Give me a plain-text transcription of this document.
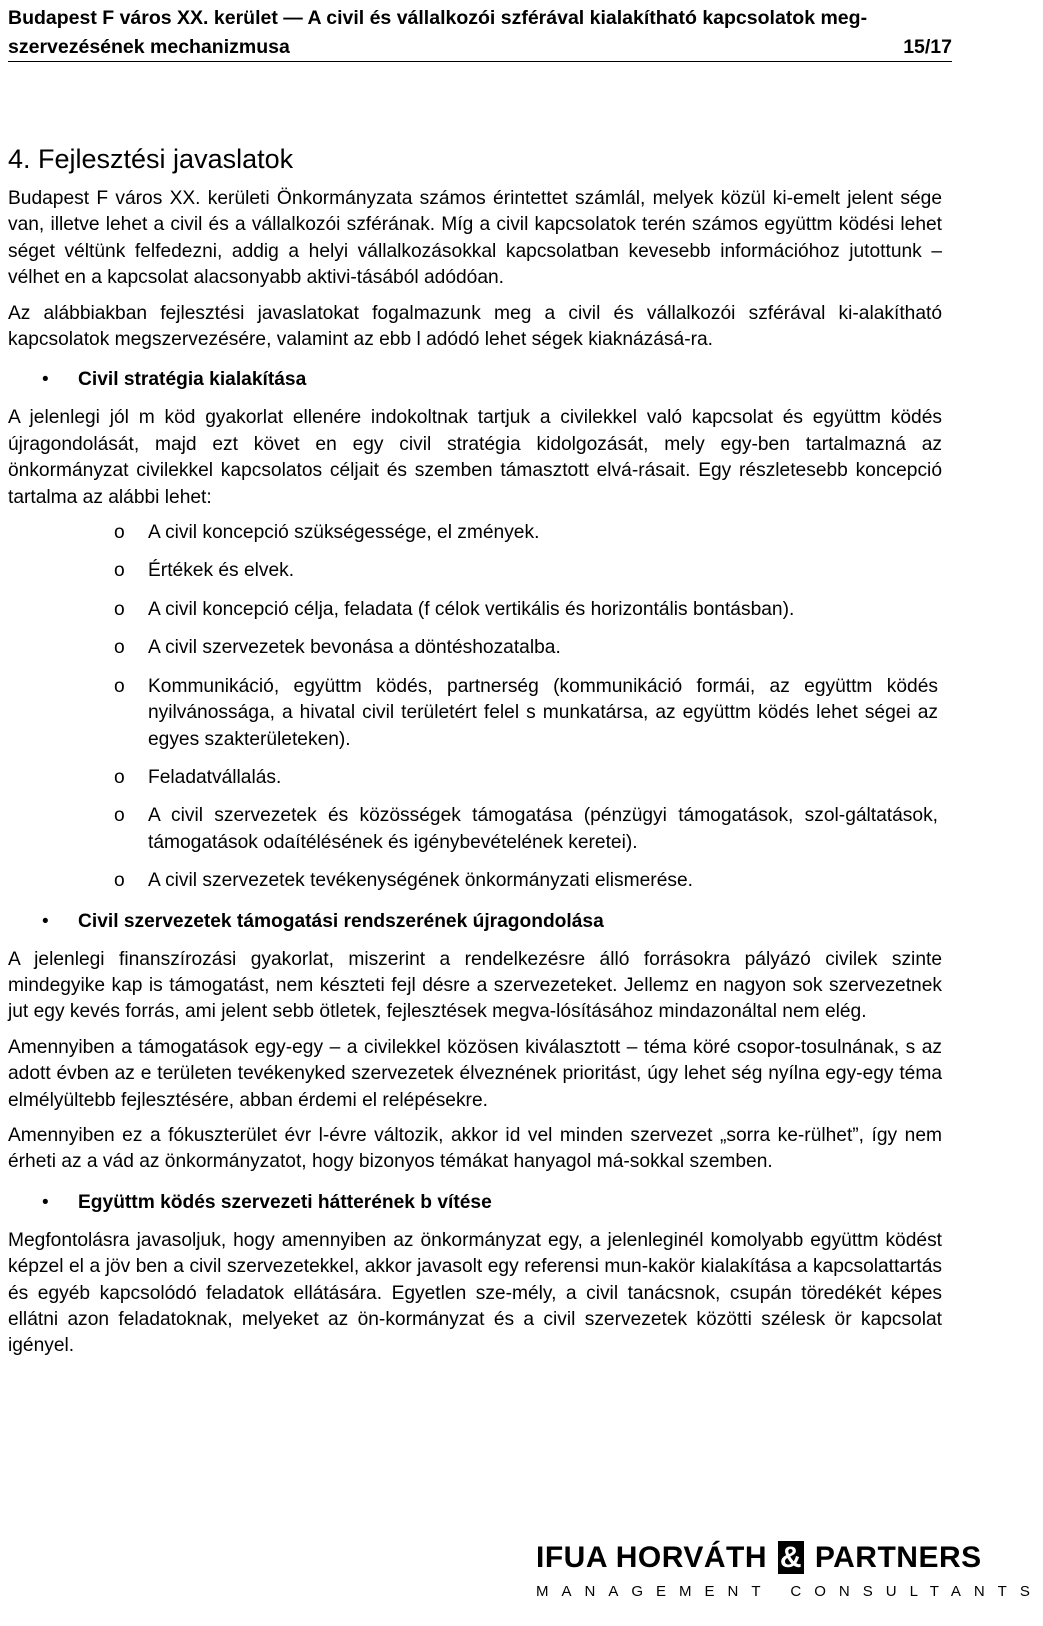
Budapest F város XX. kerület — A civil és vállalkozói szférával kialakítható kapcsolatok meg-
szervezésének mechanizmusa	15/17
4. Fejlesztési javaslatok

Budapest F város XX. kerületi Önkormányzata számos érintettet számlál, melyek közül ki-emelt jelent sége van, illetve lehet a civil és a vállalkozói szférának. Míg a civil kapcsolatok terén számos együttm ködési lehet séget véltünk felfedezni, addig a helyi vállalkozásokkal kapcsolatban kevesebb információhoz jutottunk – vélhet en a kapcsolat alacsonyabb aktivi-tásából adódóan.

Az alábbiakban fejlesztési javaslatokat fogalmazunk meg a civil és vállalkozói szférával ki-alakítható kapcsolatok megszervezésére, valamint az ebb l adódó lehet ségek kiaknázásá-ra.

•	Civil stratégia kialakítása

A jelenlegi jól m köd gyakorlat ellenére indokoltnak tartjuk a civilekkel való kapcsolat és együttm ködés újragondolását, majd ezt követ en egy civil stratégia kidolgozását, mely egy-ben tartalmazná az önkormányzat civilekkel kapcsolatos céljait és szemben támasztott elvá-rásait. Egy részletesebb koncepció tartalma az alábbi lehet:

o	A civil koncepció szükségessége, el zmények.
o	Értékek és elvek.
o	A civil koncepció célja, feladata (f célok vertikális és horizontális bontásban).
o	A civil szervezetek bevonása a döntéshozatalba.
o	Kommunikáció, együttm ködés, partnerség (kommunikáció formái, az együttm ködés nyilvánossága, a hivatal civil területért felel s munkatársa, az együttm ködés lehet ségei az egyes szakterületeken).
o	Feladatvállalás.
o	A civil szervezetek és közösségek támogatása (pénzügyi támogatások, szol-gáltatások, támogatások odaítélésének és igénybevételének keretei).
o	A civil szervezetek tevékenységének önkormányzati elismerése.
•	Civil szervezetek támogatási rendszerének újragondolása

A jelenlegi finanszírozási gyakorlat, miszerint a rendelkezésre álló forrásokra pályázó civilek szinte mindegyike kap is támogatást, nem készteti fejl désre a szervezeteket. Jellemz en nagyon sok szervezetnek jut egy kevés forrás, ami jelent sebb ötletek, fejlesztések megva-lósításához mindazonáltal nem elég.

Amennyiben a támogatások egy-egy – a civilekkel közösen kiválasztott – téma köré csopor-tosulnának, s az adott évben az e területen tevékenyked szervezetek élveznének prioritást, úgy lehet ség nyílna egy-egy téma elmélyültebb fejlesztésére, abban érdemi el relépésekre.

Amennyiben ez a fókuszterület évr l-évre változik, akkor id vel minden szervezet „sorra ke-rülhet”, így nem érheti az a vád az önkormányzatot, hogy bizonyos témákat hanyagol má-sokkal szemben.

•	Együttm ködés szervezeti hátterének b vítése

Megfontolásra javasoljuk, hogy amennyiben az önkormányzat egy, a jelenleginél komolyabb együttm ködést képzel el a jöv ben a civil szervezetekkel, akkor javasolt egy referensi mun-kakör kialakítása a kapcsolattartás és egyéb kapcsolódó feladatok ellátására. Egyetlen sze-mély, a civil tanácsnok, csupán töredékét képes ellátni azon feladatoknak, melyeket az ön-kormányzat és a civil szervezetek közötti szélesk ör kapcsolat igényel.

IFUA HORVÁTH & PARTNERS
MANAGEMENT CONSULTANTS
